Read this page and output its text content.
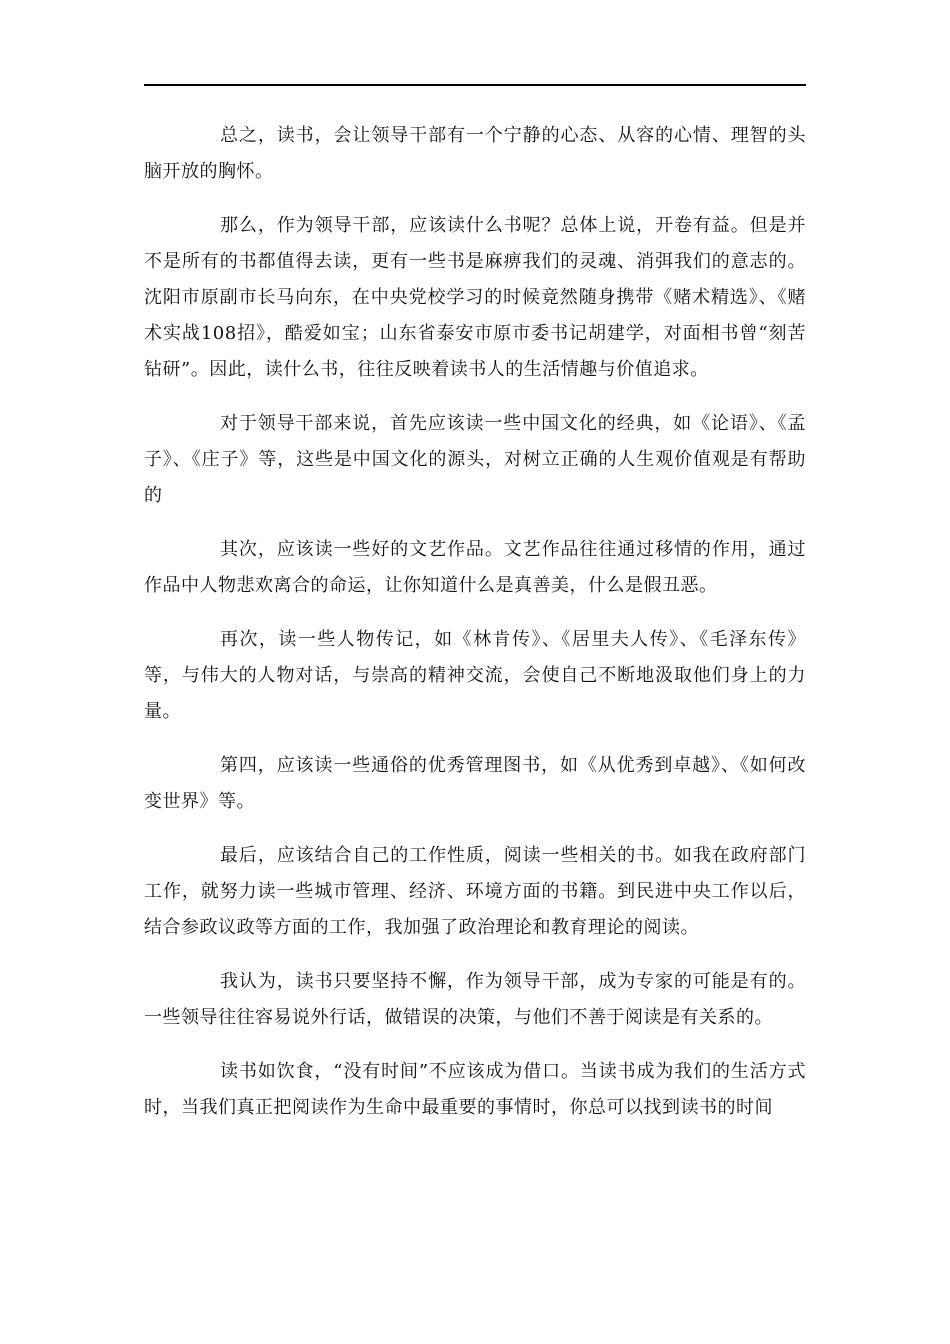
总之，读书，会让领导干部有一个宁静的心态、从容的心情、理智的头脑开放的胸怀。

那么，作为领导干部，应该读什么书呢？总体上说，开卷有益。但是并不是所有的书都值得去读，更有一些书是麻痹我们的灵魂、消弭我们的意志的。沈阳市原副市长马向东，在中央党校学习的时候竟然随身携带《赌术精选》、《赌术实战108招》，酷爱如宝；山东省泰安市原市委书记胡建学，对面相书曾“刻苦钻研”。因此，读什么书，往往反映着读书人的生活情趣与价值追求。

对于领导干部来说，首先应该读一些中国文化的经典，如《论语》、《孟子》、《庄子》等，这些是中国文化的源头，对树立正确的人生观价值观是有帮助的

其次，应该读一些好的文艺作品。文艺作品往往通过移情的作用，通过作品中人物悲欢离合的命运，让你知道什么是真善美，什么是假丑恶。

再次，读一些人物传记，如《林肯传》、《居里夫人传》、《毛泽东传》等，与伟大的人物对话，与崇高的精神交流，会使自己不断地汲取他们身上的力量。

第四，应该读一些通俗的优秀管理图书，如《从优秀到卓越》、《如何改变世界》等。

最后，应该结合自己的工作性质，阅读一些相关的书。如我在政府部门工作，就努力读一些城市管理、经济、环境方面的书籍。到民进中央工作以后，结合参政议政等方面的工作，我加强了政治理论和教育理论的阅读。

我认为，读书只要坚持不懈，作为领导干部，成为专家的可能是有的。一些领导往往容易说外行话，做错误的决策，与他们不善于阅读是有关系的。

读书如饮食，“没有时间”不应该成为借口。当读书成为我们的生活方式时，当我们真正把阅读作为生命中最重要的事情时，你总可以找到读书的时间
